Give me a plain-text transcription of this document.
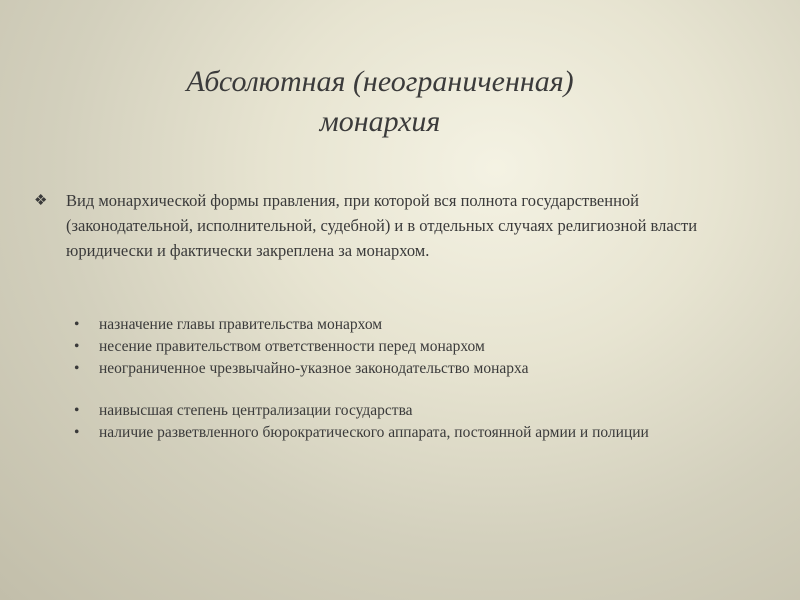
Абсолютная (неограниченная)
монархия
❖ Вид монархической формы правления, при которой вся полнота государственной (законодательной, исполнительной, судебной) и в отдельных случаях религиозной власти юридически и фактически закреплена за монархом.
• назначение главы правительства монархом
• несение правительством ответственности перед монархом
• неограниченное чрезвычайно-указное законодательство монарха
• наивысшая степень централизации государства
• наличие разветвленного бюрократического аппарата, постоянной армии и полиции
